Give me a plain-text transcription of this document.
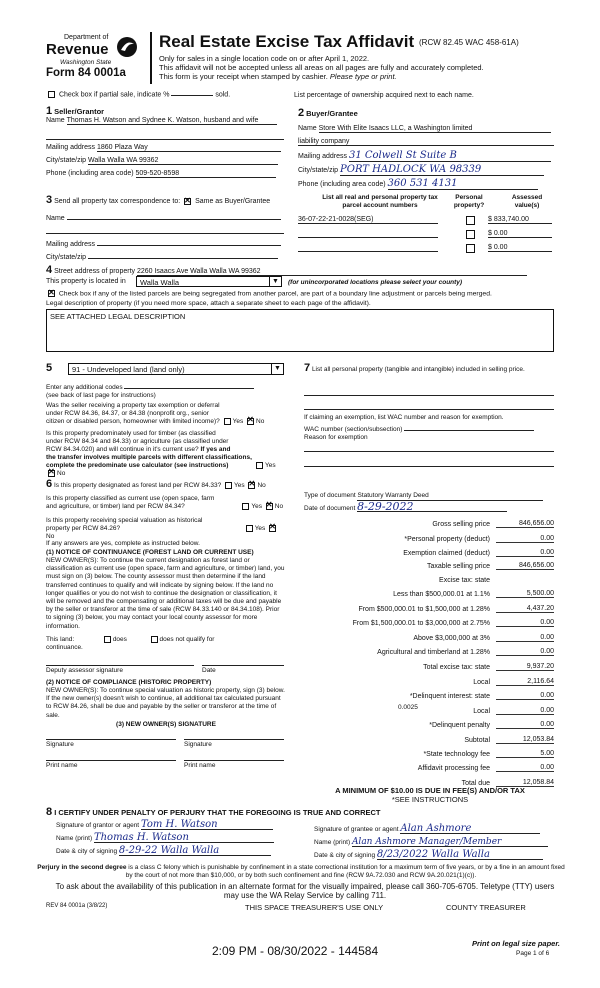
Department of
Revenue
Washington State
Form 84 0001a
Real Estate Excise Tax Affidavit (RCW 82.45 WAC 458-61A)
Only for sales in a single location code on or after April 1, 2022.
This affidavit will not be accepted unless all areas on all pages are fully and accurately completed.
This form is your receipt when stamped by cashier. Please type or print.
Check box if partial sale, indicate %	sold.	List percentage of ownership acquired next to each name.
1 Seller/Grantor
Name Thomas H. Watson and Sydnee K. Watson, husband and wife
Mailing address 1860 Plaza Way
City/state/zip Walla Walla WA 99362
Phone (including area code) 509-520-8598
2 Buyer/Grantee
Name Store With Elite Isaacs LLC, a Washington limited
liability company
Mailing address 31 Colwell St Suite B
City/state/zip PORT HADLOCK WA 98339
Phone (including area code) 360 531 4131
3 Send all property tax correspondence to: ✕ Same as Buyer/Grantee
Name
Mailing address
City/state/zip
List all real and personal property tax
parcel account numbers
Personal
property?
Assessed
value(s)
36-07-22-21-0028(SEG)	$ 833,740.00
$ 0.00
$ 0.00
4 Street address of property 2260 Isaacs Ave Walla Walla WA 99362
This property is located in	Walla Walla	▼	(for unincorporated locations please select your county)
✕ Check box if any of the listed parcels are being segregated from another parcel, are part of a boundary line adjustment or parcels being merged.
Legal description of property (if you need more space, attach a separate sheet to each page of the affidavit).
SEE ATTACHED LEGAL DESCRIPTION
5	91 - Undeveloped land (land only)	▼
Enter any additional codes
(see back of last page for instructions)
Was the seller receiving a property tax exemption or deferral
under RCW 84.36, 84.37, or 84.38 (nonprofit org., senior
citizen or disabled person, homeowner with limited income)? Yes ✕ No
Is this property predominately used for timber (as classified
under RCW 84.34 and 84.33) or agriculture (as classified under
RCW 84.34.020) and will continue in it's current use? If yes and
the transfer involves multiple parcels with different classifications,
complete the predominate use calculator (see instructions)	Yes ✕No
6 Is this property designated as forest land per RCW 84.33? Yes ✕ No
Is this property classified as current use (open space, farm
and agriculture, or timber) land per RCW 84.34?	Yes ✕ No
Is this property receiving special valuation as historical
property per RCW 84.26?	Yes ✕No
If any answers are yes, complete as instructed below.
(1) NOTICE OF CONTINUANCE (FOREST LAND OR CURRENT USE)
NEW OWNER(S): To continue the current designation as forest land or classification as current use (open space, farm and agriculture, or timber) land, you must sign on (3) below. The county assessor must then determine if the land transferred continues to qualify and will indicate by signing below. If the land no longer qualifies or you do not wish to continue the designation or classification, it will be removed and the compensating or additional taxes will be due and payable by the seller or transferor at the time of sale (RCW 84.33.140 or 84.34.108). Prior to signing (3) below, you may contact your local county assessor for more information.
This land:	does	does not qualify for
continuance.
Deputy assessor signature	Date
(2) NOTICE OF COMPLIANCE (HISTORIC PROPERTY)
NEW OWNER(S): To continue special valuation as historic property, sign (3) below. If the new owner(s) doesn't wish to continue, all additional tax calculated pursuant to RCW 84.26, shall be due and payable by the seller or transferor at the time of sale.
(3) NEW OWNER(S) SIGNATURE
Signature	Signature
Print name	Print name
7 List all personal property (tangible and intangible) included in selling price.
If claiming an exemption, list WAC number and reason for exemption.
WAC number (section/subsection)
Reason for exemption
Type of document Statutory Warranty Deed
Date of document 8-29-2022
Gross selling price	846,656.00
*Personal property (deduct)	0.00
Exemption claimed (deduct)	0.00
Taxable selling price	846,656.00
Excise tax: state
Less than $500,000.01 at 1.1%	5,500.00
From $500,000.01 to $1,500,000 at 1.28%	4,437.20
From $1,500,000.01 to $3,000,000 at 2.75%	0.00
Above $3,000,000 at 3%	0.00
Agricultural and timberland at 1.28%	0.00
Total excise tax: state	9,937.20
Local	2,116.64
*Delinquent interest: state	0.00
Local	0.00
*Delinquent penalty	0.00
Subtotal	12,053.84
*State technology fee	5.00
Affidavit processing fee	0.00
Total due	12,058.84
0.0025
A MINIMUM OF $10.00 IS DUE IN FEE(S) AND/OR TAX
*SEE INSTRUCTIONS
8 I CERTIFY UNDER PENALTY OF PERJURY THAT THE FOREGOING IS TRUE AND CORRECT
Signature of grantor or agent Tom H. Watson
Name (print) Thomas H. Watson
Date & city of signing 8-29-22 Walla Walla
Signature of grantee or agent Alan Ashmore
Name (print) Alan Ashmore Manager/Member
Date & city of signing 8/23/2022 Walla Walla
Perjury in the second degree is a class C felony which is punishable by confinement in a state correctional institution for a maximum term of five years, or by a fine in an amount fixed by the court of not more than $10,000, or by both such confinement and fine (RCW 9A.72.030 and RCW 9A.20.021(1)(c)).
To ask about the availability of this publication in an alternate format for the visually impaired, please call 360-705-6705. Teletype (TTY) users may use the WA Relay Service by calling 711.
REV 84 0001a (3/8/22)	THIS SPACE TREASURER'S USE ONLY	COUNTY TREASURER
Print on legal size paper.
Page 1 of 6
2:09 PM - 08/30/2022 - 144584
